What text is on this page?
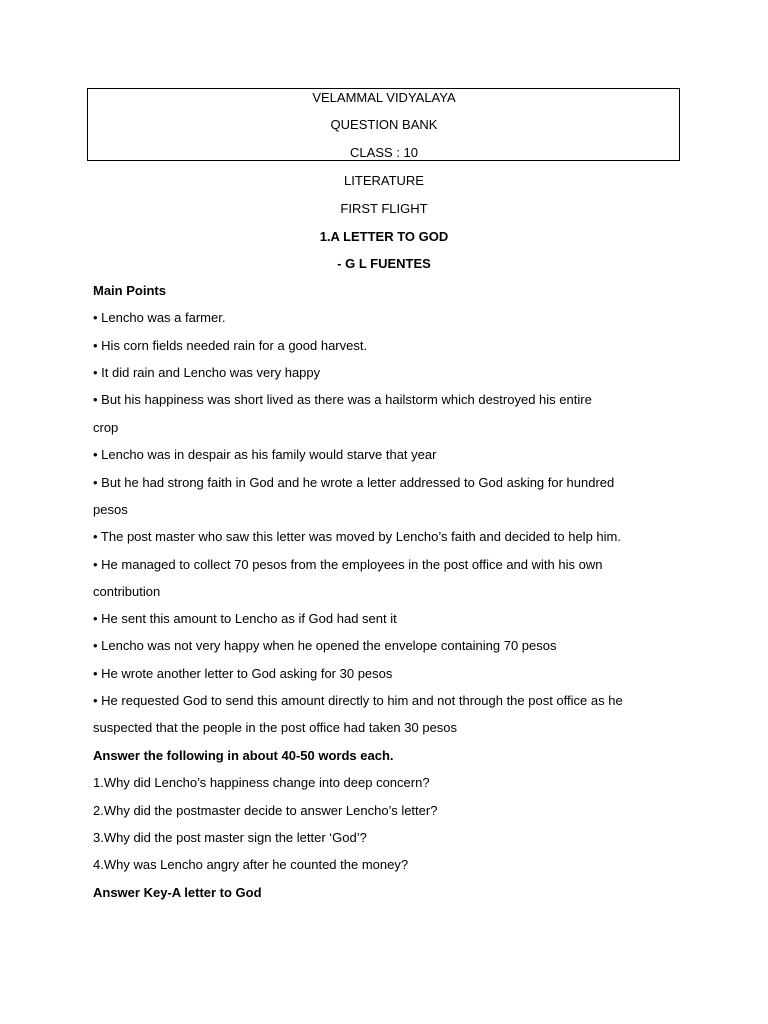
VELAMMAL VIDYALAYA
QUESTION BANK
CLASS : 10
LITERATURE
FIRST FLIGHT
1.A LETTER TO GOD
- G L FUENTES
Main Points
• Lencho was a farmer.
• His corn fields needed rain for a good harvest.
• It did rain and Lencho was very happy
• But his happiness was short lived as there was a hailstorm which destroyed his entire
crop
• Lencho was in despair as his family would starve that year
• But he had strong faith in God and he wrote a letter addressed to God asking for hundred
pesos
• The post master who saw this letter was moved by Lencho’s faith and decided to help him.
• He managed to collect 70 pesos from the employees in the post office and with his own
contribution
• He sent this amount to Lencho as if God had sent it
• Lencho was not very happy when he opened the envelope containing 70 pesos
• He wrote another letter to God asking for 30 pesos
• He requested God to send this amount directly to him and not through the post office as he
suspected that the people in the post office had taken 30 pesos
Answer the following in about 40-50 words each.
1.Why did Lencho’s happiness change into deep concern?
2.Why did the postmaster decide to answer Lencho’s letter?
3.Why did the post master sign the letter ‘God’?
4.Why was Lencho angry after he counted the money?
Answer Key-A letter to God
